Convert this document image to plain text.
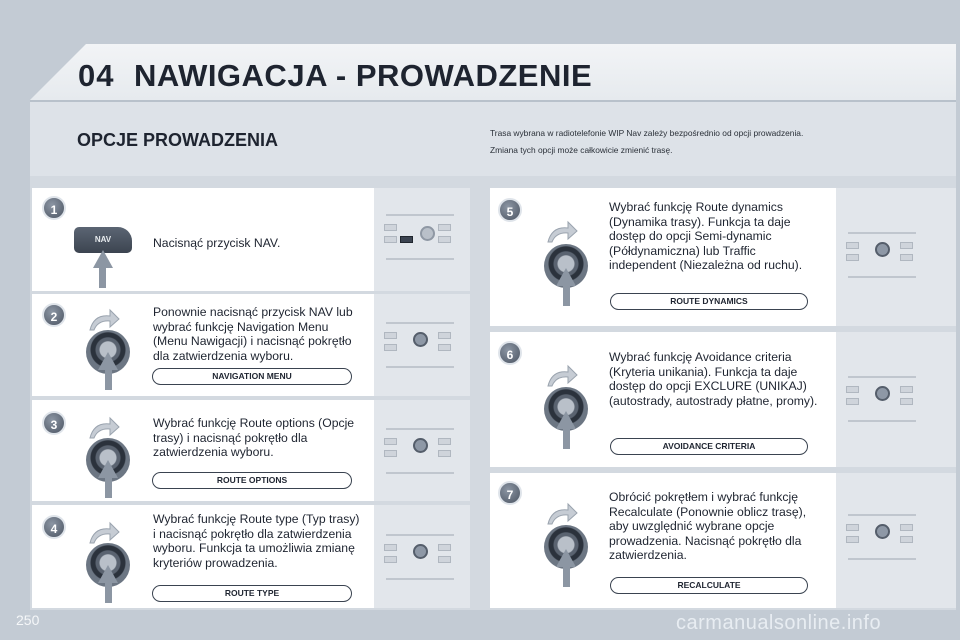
04 NAWIGACJA - PROWADZENIE
OPCJE PROWADZENIA	Trasa wybrana w radiotelefonie WIP Nav zależy bezpośrednio od opcji prowadzenia.
Zmiana tych opcji może całkowicie zmienić trasę.
1
2
3
4
5
6
7
NAV	Nacisnąć przycisk NAV.
Ponownie nacisnąć przycisk NAV lub wybrać funkcję Navigation Menu (Menu Nawigacji) i nacisnąć pokrętło dla zatwierdzenia wyboru.
Wybrać funkcję Route options (Opcje trasy) i nacisnąć pokrętło dla zatwierdzenia wyboru.
Wybrać funkcję Route type (Typ trasy) i nacisnąć pokrętło dla zatwierdzenia wyboru. Funkcja ta umożliwia zmianę kryteriów prowadzenia.
Wybrać funkcję Route dynamics (Dynamika trasy). Funkcja ta daje dostęp do opcji Semi-dynamic (Półdynamiczna) lub Traffic independent (Niezależna od ruchu).
Wybrać funkcję Avoidance criteria (Kryteria unikania). Funkcja ta daje dostęp do opcji EXCLURE (UNIKAJ) (autostrady, autostrady płatne, promy).
Obrócić pokrętłem i wybrać funkcję Recalculate (Ponownie oblicz trasę), aby uwzględnić wybrane opcje prowadzenia. Nacisnąć pokrętło dla zatwierdzenia.
NAVIGATION MENU
ROUTE OPTIONS
ROUTE TYPE
ROUTE DYNAMICS
AVOIDANCE CRITERIA
RECALCULATE
250	carmanualsonline.info
